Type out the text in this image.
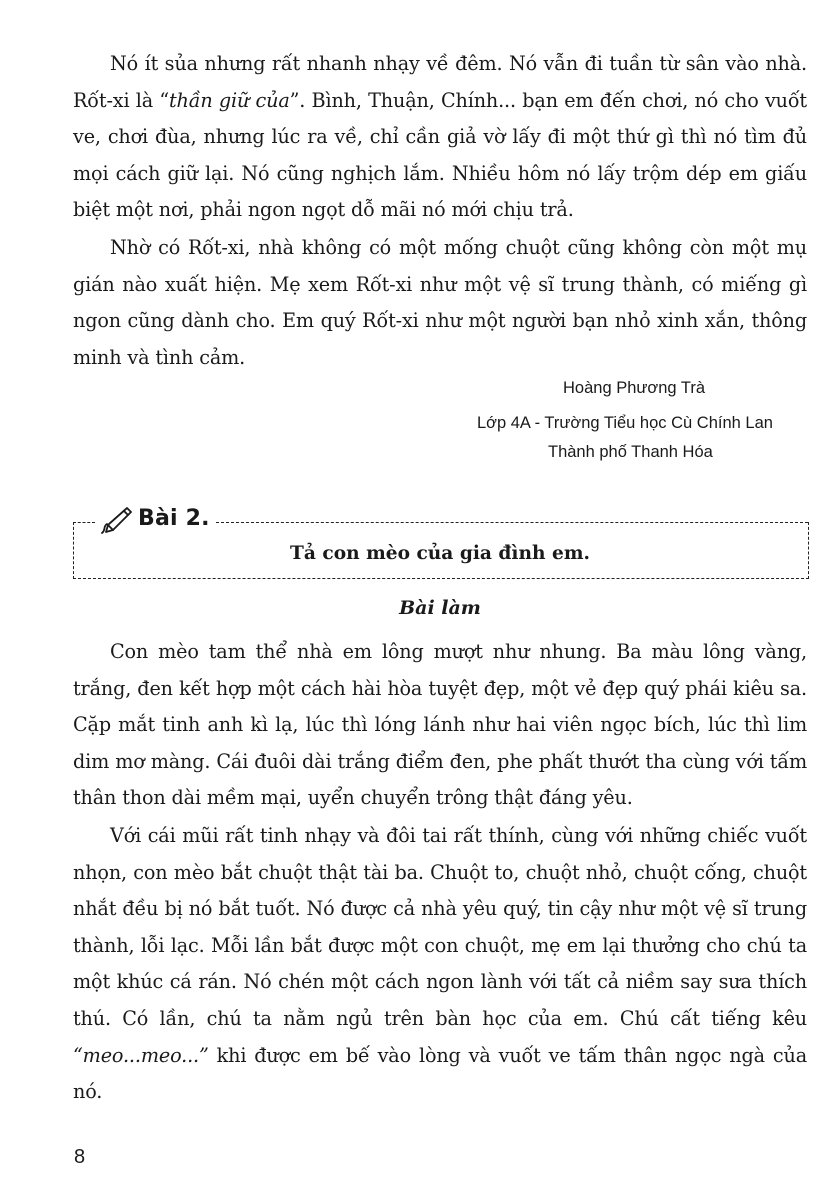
Nó ít sủa nhưng rất nhanh nhạy về đêm. Nó vẫn đi tuần từ sân vào nhà. Rốt-xi là “thần giữ của”. Bình, Thuận, Chính... bạn em đến chơi, nó cho vuốt ve, chơi đùa, nhưng lúc ra về, chỉ cần giả vờ lấy đi một thứ gì thì nó tìm đủ mọi cách giữ lại. Nó cũng nghịch lắm. Nhiều hôm nó lấy trộm dép em giấu biệt một nơi, phải ngon ngọt dỗ mãi nó mới chịu trả.

Nhờ có Rốt-xi, nhà không có một mống chuột cũng không còn một mụ gián nào xuất hiện. Mẹ xem Rốt-xi như một vệ sĩ trung thành, có miếng gì ngon cũng dành cho. Em quý Rốt-xi như một người bạn nhỏ xinh xắn, thông minh và tình cảm.

Hoàng Phương Trà
Lớp 4A - Trường Tiểu học Cù Chính Lan
Thành phố Thanh Hóa
Bài 2.
Tả con mèo của gia đình em.
Bài làm

Con mèo tam thể nhà em lông mượt như nhung. Ba màu lông vàng, trắng, đen kết hợp một cách hài hòa tuyệt đẹp, một vẻ đẹp quý phái kiêu sa. Cặp mắt tinh anh kì lạ, lúc thì lóng lánh như hai viên ngọc bích, lúc thì lim dim mơ màng. Cái đuôi dài trắng điểm đen, phe phất thướt tha cùng với tấm thân thon dài mềm mại, uyển chuyển trông thật đáng yêu.

Với cái mũi rất tinh nhạy và đôi tai rất thính, cùng với những chiếc vuốt nhọn, con mèo bắt chuột thật tài ba. Chuột to, chuột nhỏ, chuột cống, chuột nhắt đều bị nó bắt tuốt. Nó được cả nhà yêu quý, tin cậy như một vệ sĩ trung thành, lỗi lạc. Mỗi lần bắt được một con chuột, mẹ em lại thưởng cho chú ta một khúc cá rán. Nó chén một cách ngon lành với tất cả niềm say sưa thích thú. Có lần, chú ta nằm ngủ trên bàn học của em. Chú cất tiếng kêu “meo...meo...” khi được em bế vào lòng và vuốt ve tấm thân ngọc ngà của nó.

8
